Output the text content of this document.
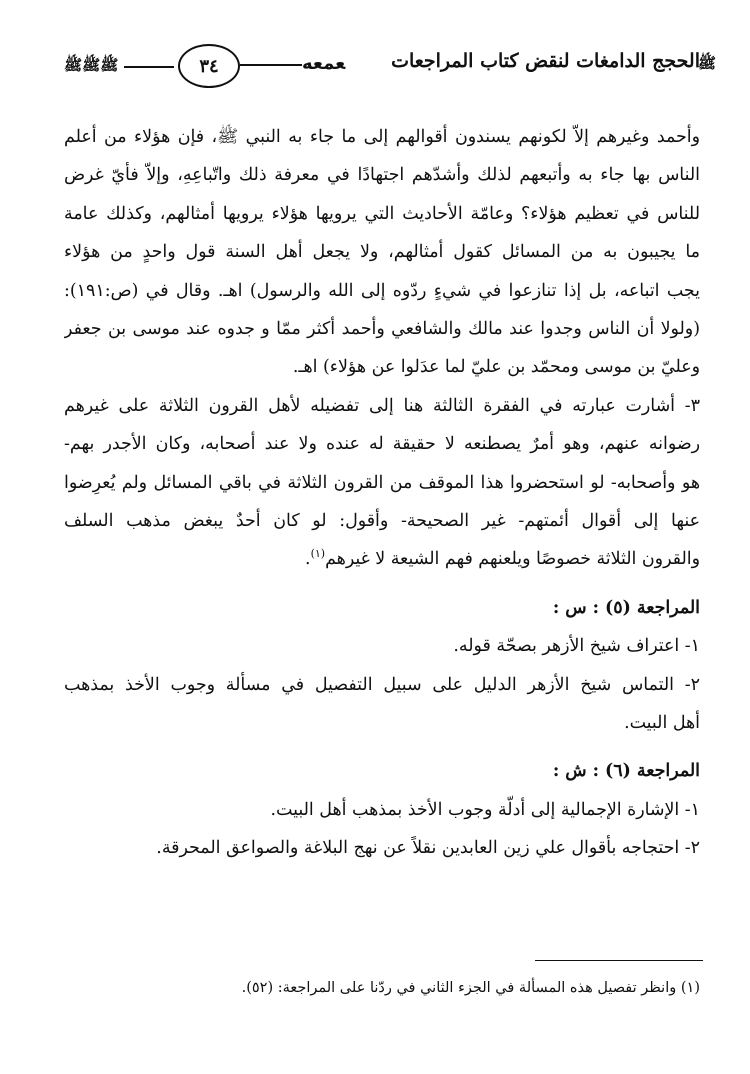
ﷺ
الحجج الدامغات لنقض كتاب المراجعات
ﻌﻤﻌﻪ
٣٤
ﷺﷺﷺ
وأحمد وغيرهم إلاّ لكونهم يسندون أقوالهم إلى ما جاء به النبي ﷺ، فإن هؤلاء من أعلم
الناس بها جاء به وأتبعهم لذلك وأشدّهم اجتهادًا في معرفة ذلك واتّباعِهِ، وإلاّ فأيّ غرض
للناس في تعظيم هؤلاء؟ وعامّة الأحاديث التي يرويها هؤلاء يرويها أمثالهم، وكذلك عامة
ما يجيبون به من المسائل كقول أمثالهم، ولا يجعل أهل السنة قول واحدٍ من هؤلاء
يجب اتباعه، بل إذا تنازعوا في شيءٍ ردّوه إلى الله والرسول) اهـ. وقال في (ص:١٩١):
(ولولا أن الناس وجدوا عند مالك والشافعي وأحمد أكثر ممّا و جدوه عند موسى بن جعفر
وعليّ بن موسى ومحمّد بن عليّ لما عدَلوا عن هؤلاء) اهـ.
٣- أشارت عبارته في الفقرة الثالثة هنا إلى تفضيله لأهل القرون الثلاثة على غيرهم
رضوانه عنهم، وهو أمرٌ يصطنعه لا حقيقة له عنده ولا عند أصحابه، وكان الأجدر بهم-
هو وأصحابه- لو استحضروا هذا الموقف من القرون الثلاثة في باقي المسائل ولم يُعرِضوا
عنها إلى أقوال أئمتهم- غير الصحيحة- وأقول: لو كان أحدٌ يبغض مذهب السلف
والقرون الثلاثة خصوصًا ويلعنهم فهم الشيعة لا غيرهم$^{(١)}$.
المراجعة (٥) : س :
١- اعتراف شيخ الأزهر بصحّة قوله.
٢- التماس شيخ الأزهر الدليل على سبيل التفصيل في مسألة وجوب الأخذ بمذهب
أهل البيت.
المراجعة (٦) : ش :
١- الإشارة الإجمالية إلى أدلّة وجوب الأخذ بمذهب أهل البيت.
٢- احتجاجه بأقوال علي زين العابدين نقلاً عن نهج البلاغة والصواعق المحرقة.
(١) وانظر تفصيل هذه المسألة في الجزء الثاني في ردّنا على المراجعة: (٥٢).
